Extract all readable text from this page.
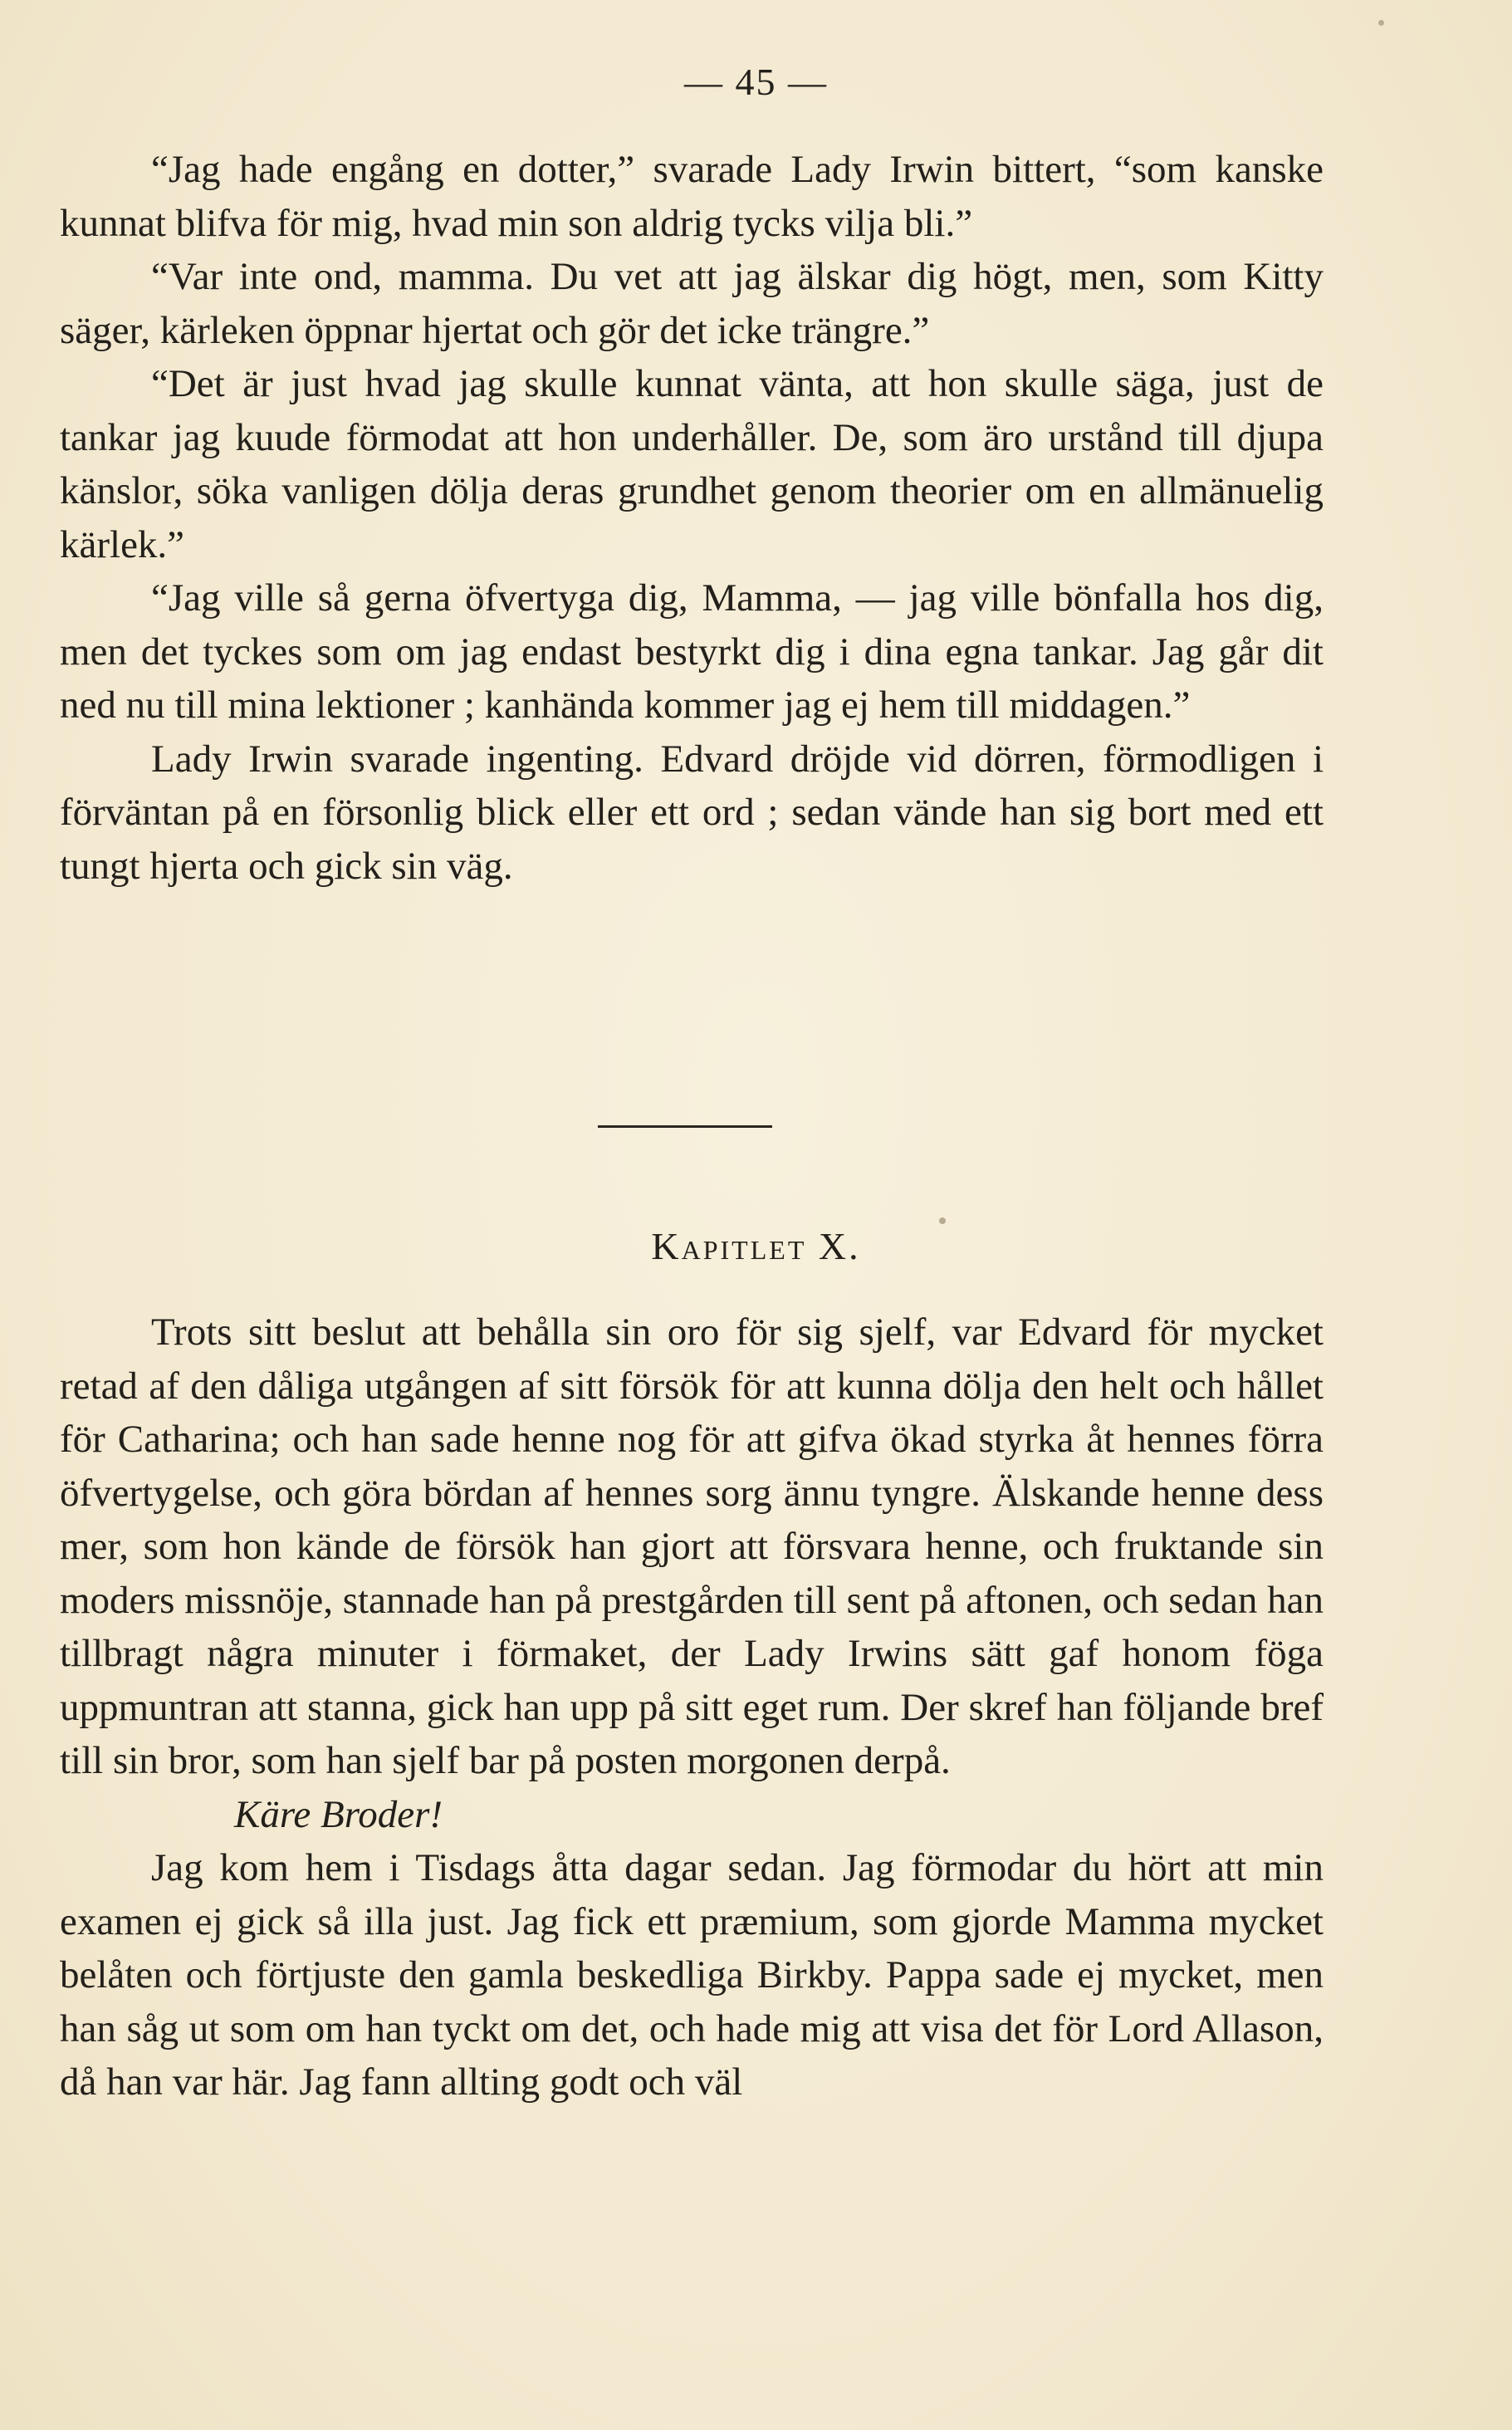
— 45 —

“Jag hade engång en dotter,” svarade Lady Irwin bittert, “som kanske kunnat blifva för mig, hvad min son aldrig tycks vilja bli.”

“Var inte ond, mamma. Du vet att jag älskar dig högt, men, som Kitty säger, kärleken öppnar hjertat och gör det icke trängre.”

“Det är just hvad jag skulle kunnat vänta, att hon skulle säga, just de tankar jag kuude förmodat att hon underhåller. De, som äro urstånd till djupa känslor, söka vanligen dölja deras grundhet genom theorier om en allmänuelig kärlek.”

“Jag ville så gerna öfvertyga dig, Mamma, — jag ville bönfalla hos dig, men det tyckes som om jag endast bestyrkt dig i dina egna tankar. Jag går dit ned nu till mina lektioner ; kanhända kommer jag ej hem till middagen.”

Lady Irwin svarade ingenting. Edvard dröjde vid dörren, förmodligen i förväntan på en försonlig blick eller ett ord ; sedan vände han sig bort med ett tungt hjerta och gick sin väg.

Kapitlet X.

Trots sitt beslut att behålla sin oro för sig sjelf, var Edvard för mycket retad af den dåliga utgången af sitt försök för att kunna dölja den helt och hållet för Catharina; och han sade henne nog för att gifva ökad styrka åt hennes förra öfvertygelse, och göra bördan af hennes sorg ännu tyngre. Älskande henne dess mer, som hon kände de försök han gjort att försvara henne, och fruktande sin moders missnöje, stannade han på prestgården till sent på aftonen, och sedan han tillbragt några minuter i förmaket, der Lady Irwins sätt gaf honom föga uppmuntran att stanna, gick han upp på sitt eget rum. Der skref han följande bref till sin bror, som han sjelf bar på posten morgonen derpå.

Käre Broder!

Jag kom hem i Tisdags åtta dagar sedan. Jag förmodar du hört att min examen ej gick så illa just. Jag fick ett præmium, som gjorde Mamma mycket belåten och förtjuste den gamla beskedliga Birkby. Pappa sade ej mycket, men han såg ut som om han tyckt om det, och hade mig att visa det för Lord Allason, då han var här. Jag fann allting godt och väl
